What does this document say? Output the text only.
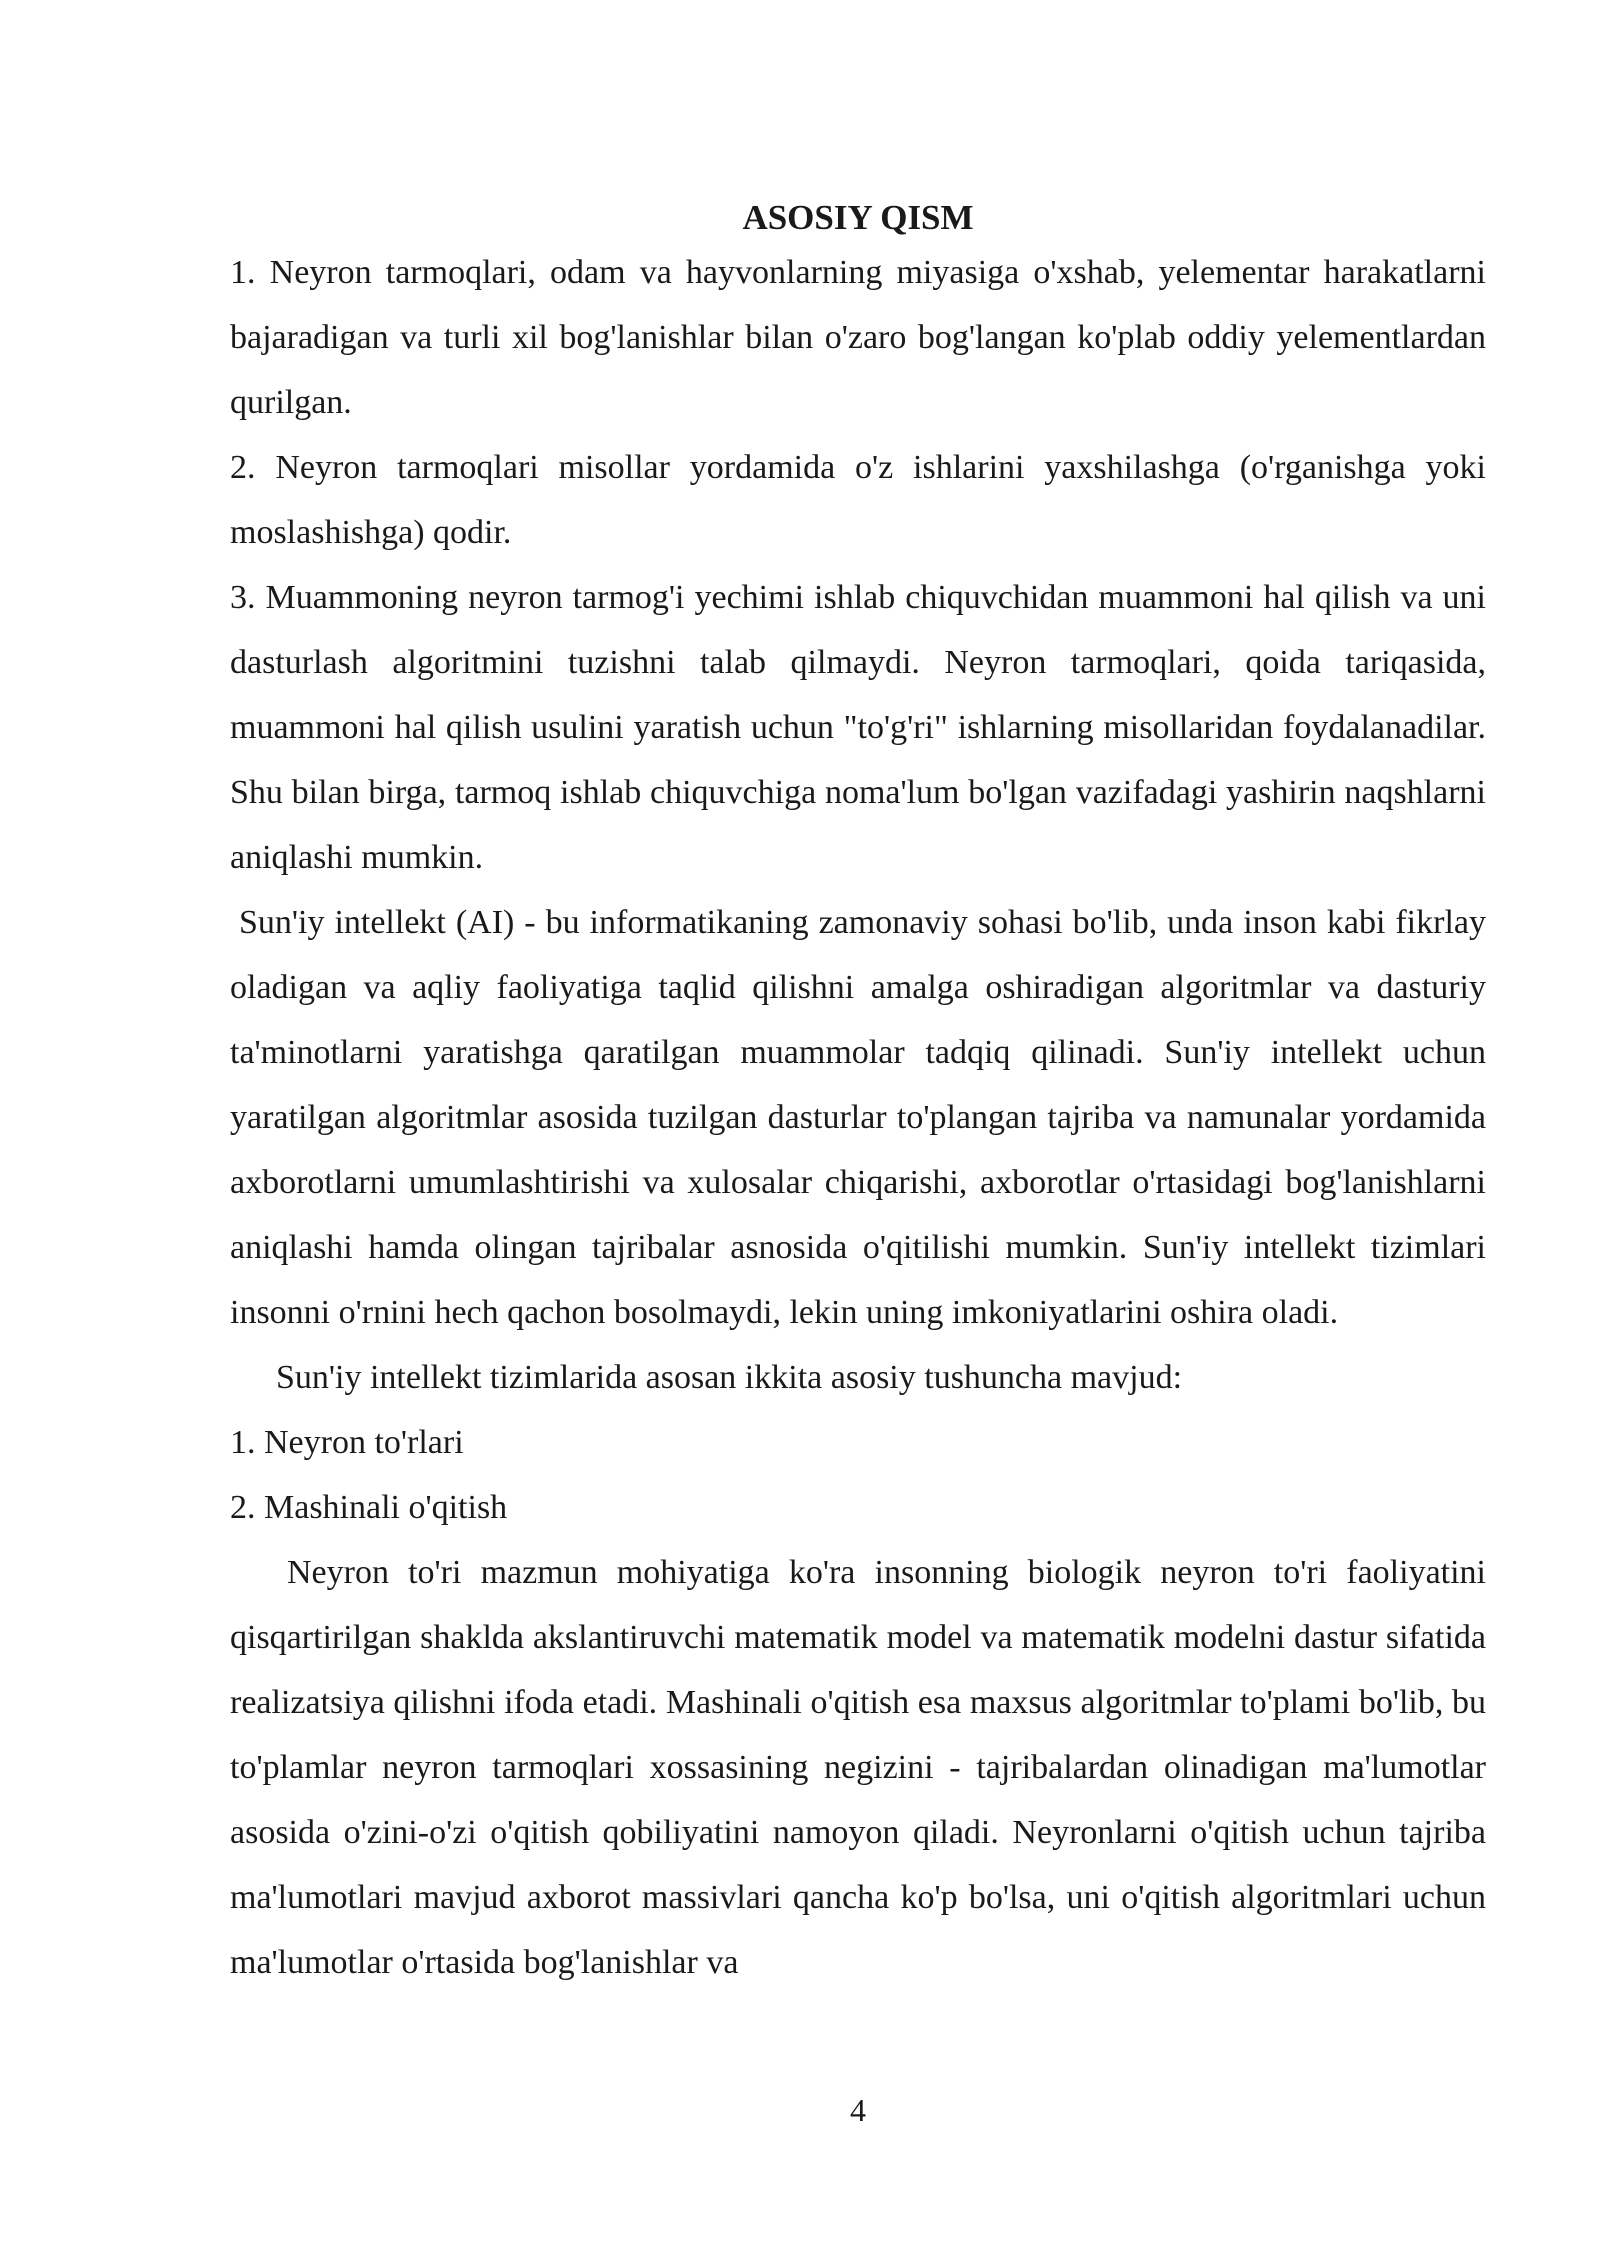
ASOSIY QISM

1. Neyron tarmoqlari, odam va hayvonlarning miyasiga o'xshab, yelementar harakatlarni bajaradigan va turli xil bog'lanishlar bilan o'zaro bog'langan ko'plab oddiy yelementlardan qurilgan.

2. Neyron tarmoqlari misollar yordamida o'z ishlarini yaxshilashga (o'rganishga yoki moslashishga) qodir.

3. Muammoning neyron tarmog'i yechimi ishlab chiquvchidan muammoni hal qilish va uni dasturlash algoritmini tuzishni talab qilmaydi. Neyron tarmoqlari, qoida tariqasida, muammoni hal qilish usulini yaratish uchun "to'g'ri" ishlarning misollaridan foydalanadilar. Shu bilan birga, tarmoq ishlab chiquvchiga noma'lum bo'lgan vazifadagi yashirin naqshlarni aniqlashi mumkin.

Sun'iy intellekt (AI) - bu informatikaning zamonaviy sohasi bo'lib, unda inson kabi fikrlay oladigan va aqliy faoliyatiga taqlid qilishni amalga oshiradigan algoritmlar va dasturiy ta'minotlarni yaratishga qaratilgan muammolar tadqiq qilinadi. Sun'iy intellekt uchun yaratilgan algoritmlar asosida tuzilgan dasturlar to'plangan tajriba va namunalar yordamida axborotlarni umumlashtirishi va xulosalar chiqarishi, axborotlar o'rtasidagi bog'lanishlarni aniqlashi hamda olingan tajribalar asnosida o'qitilishi mumkin. Sun'iy intellekt tizimlari insonni o'rnini hech qachon bosolmaydi, lekin uning imkoniyatlarini oshira oladi.

Sun'iy intellekt tizimlarida asosan ikkita asosiy tushuncha mavjud:

1. Neyron to'rlari

2. Mashinali o'qitish

Neyron to'ri mazmun mohiyatiga ko'ra insonning biologik neyron to'ri faoliyatini qisqartirilgan shaklda akslantiruvchi matematik model va matematik modelni dastur sifatida realizatsiya qilishni ifoda etadi. Mashinali o'qitish esa maxsus algoritmlar to'plami bo'lib, bu to'plamlar neyron tarmoqlari xossasining negizini - tajribalardan olinadigan ma'lumotlar asosida o'zini-o'zi o'qitish qobiliyatini namoyon qiladi. Neyronlarni o'qitish uchun tajriba ma'lumotlari mavjud axborot massivlari qancha ko'p bo'lsa, uni o'qitish algoritmlari uchun ma'lumotlar o'rtasida bog'lanishlar va

4
